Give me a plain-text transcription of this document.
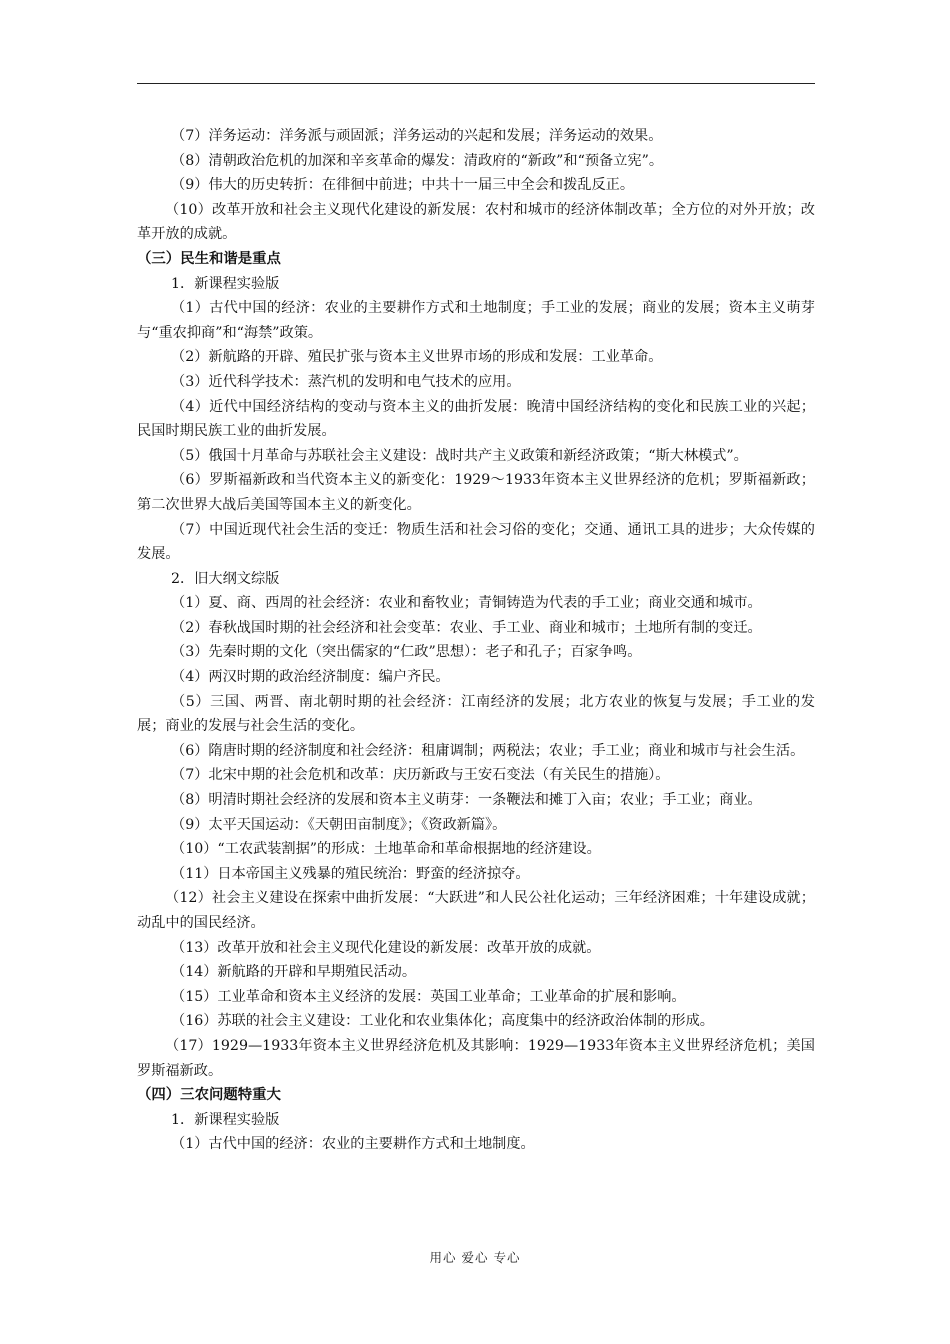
（7）洋务运动：洋务派与顽固派；洋务运动的兴起和发展；洋务运动的效果。

（8）清朝政治危机的加深和辛亥革命的爆发：清政府的“新政”和“预备立宪”。

（9）伟大的历史转折：在徘徊中前进；中共十一届三中全会和拨乱反正。

（10）改革开放和社会主义现代化建设的新发展：农村和城市的经济体制改革；全方位的对外开放；改革开放的成就。

（三）民生和谐是重点

1．新课程实验版

（1）古代中国的经济：农业的主要耕作方式和土地制度；手工业的发展；商业的发展；资本主义萌芽与“重农抑商”和“海禁”政策。

（2）新航路的开辟、殖民扩张与资本主义世界市场的形成和发展：工业革命。

（3）近代科学技术：蒸汽机的发明和电气技术的应用。

（4）近代中国经济结构的变动与资本主义的曲折发展：晚清中国经济结构的变化和民族工业的兴起；民国时期民族工业的曲折发展。

（5）俄国十月革命与苏联社会主义建设：战时共产主义政策和新经济政策；“斯大林模式”。

（6）罗斯福新政和当代资本主义的新变化：1929～1933年资本主义世界经济的危机；罗斯福新政；第二次世界大战后美国等国本主义的新变化。

（7）中国近现代社会生活的变迁：物质生活和社会习俗的变化；交通、通讯工具的进步；大众传媒的发展。

2．旧大纲文综版

（1）夏、商、西周的社会经济：农业和畜牧业；青铜铸造为代表的手工业；商业交通和城市。

（2）春秋战国时期的社会经济和社会变革：农业、手工业、商业和城市；土地所有制的变迁。

（3）先秦时期的文化（突出儒家的“仁政”思想）：老子和孔子；百家争鸣。

（4）两汉时期的政治经济制度：编户齐民。

（5）三国、两晋、南北朝时期的社会经济：江南经济的发展；北方农业的恢复与发展；手工业的发展；商业的发展与社会生活的变化。

（6）隋唐时期的经济制度和社会经济：租庸调制；两税法；农业；手工业；商业和城市与社会生活。

（7）北宋中期的社会危机和改革：庆历新政与王安石变法（有关民生的措施）。

（8）明清时期社会经济的发展和资本主义萌芽：一条鞭法和摊丁入亩；农业；手工业；商业。

（9）太平天国运动：《天朝田亩制度》；《资政新篇》。

（10）“工农武装割据”的形成：土地革命和革命根据地的经济建设。

（11）日本帝国主义残暴的殖民统治：野蛮的经济掠夺。

（12）社会主义建设在探索中曲折发展：“大跃进”和人民公社化运动；三年经济困难；十年建设成就；动乱中的国民经济。

（13）改革开放和社会主义现代化建设的新发展：改革开放的成就。

（14）新航路的开辟和早期殖民活动。

（15）工业革命和资本主义经济的发展：英国工业革命；工业革命的扩展和影响。

（16）苏联的社会主义建设：工业化和农业集体化；高度集中的经济政治体制的形成。

（17）1929—1933年资本主义世界经济危机及其影响：1929—1933年资本主义世界经济危机；美国罗斯福新政。

（四）三农问题特重大

1．新课程实验版

（1）古代中国的经济：农业的主要耕作方式和土地制度。

用心 爱心 专心
